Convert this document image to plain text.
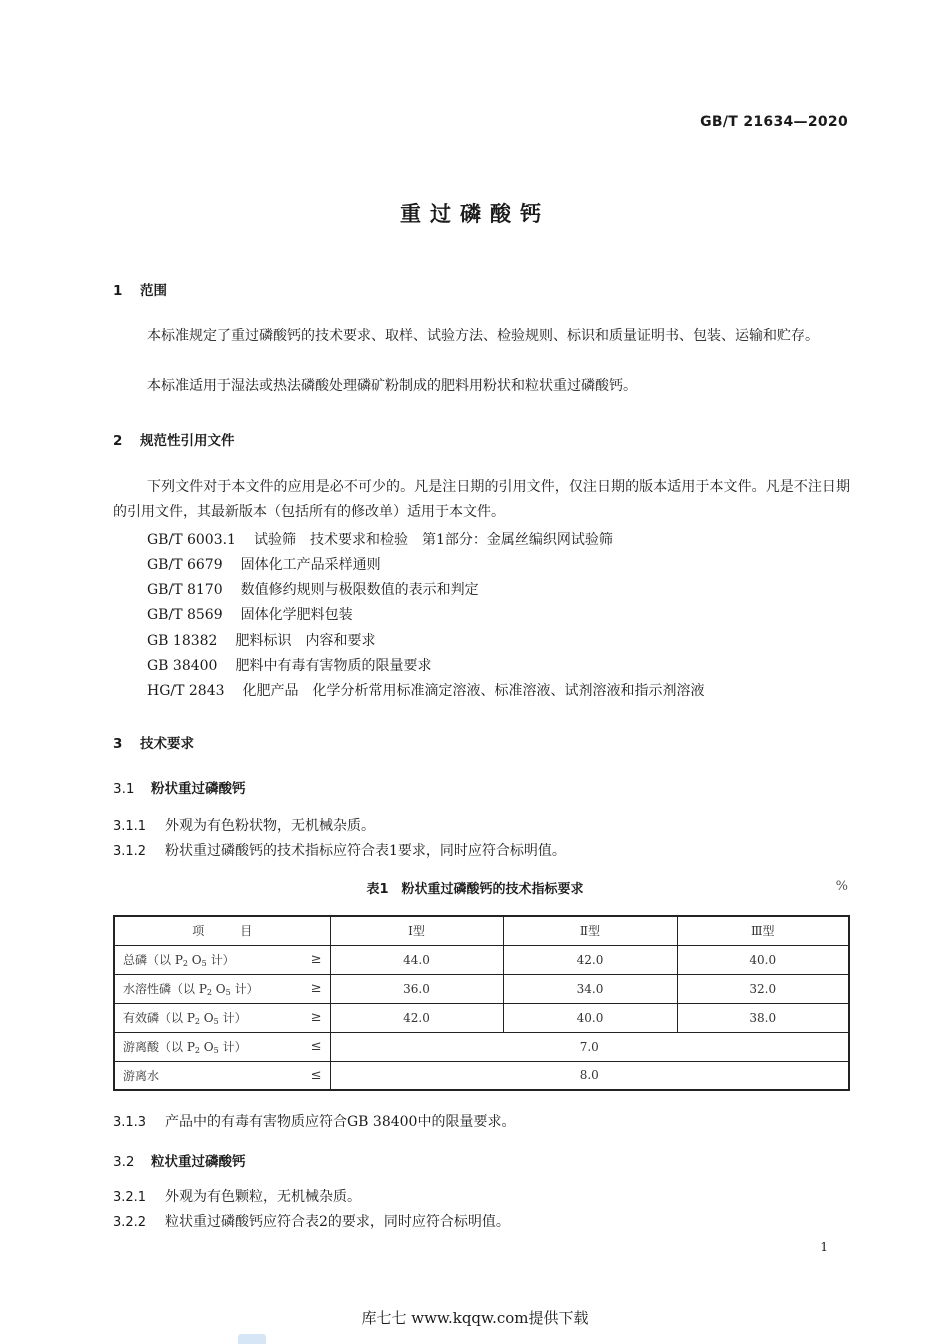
GB/T 21634—2020
重过磷酸钙
1 范围
本标准规定了重过磷酸钙的技术要求、取样、试验方法、检验规则、标识和质量证明书、包装、运输和贮存。
本标准适用于湿法或热法磷酸处理磷矿粉制成的肥料用粉状和粒状重过磷酸钙。
2 规范性引用文件
下列文件对于本文件的应用是必不可少的。凡是注日期的引用文件，仅注日期的版本适用于本文件。凡是不注日期的引用文件，其最新版本（包括所有的修改单）适用于本文件。
GB/T 6003.1 试验筛　技术要求和检验　第1部分：金属丝编织网试验筛
GB/T 6679 固体化工产品采样通则
GB/T 8170 数值修约规则与极限数值的表示和判定
GB/T 8569 固体化学肥料包装
GB 18382 肥料标识　内容和要求
GB 38400 肥料中有毒有害物质的限量要求
HG/T 2843 化肥产品　化学分析常用标准滴定溶液、标准溶液、试剂溶液和指示剂溶液
3 技术要求
3.1 粉状重过磷酸钙
3.1.1 外观为有色粉状物，无机械杂质。
3.1.2 粉状重过磷酸钙的技术指标应符合表1要求，同时应符合标明值。
表1　粉状重过磷酸钙的技术指标要求	%
项　　　目	Ⅰ型	Ⅱ型	Ⅲ型
总磷（以 $P_2$ $O_5$ 计） ≥	44.0	42.0	40.0
水溶性磷（以 $P_2$ $O_5$ 计） ≥	36.0	34.0	32.0
有效磷（以 $P_2$ $O_5$ 计） ≥	42.0	40.0	38.0
游离酸（以 $P_2$ $O_5$ 计） ≤	7.0		
游离水 ≤	8.0		
3.1.3 产品中的有毒有害物质应符合GB 38400中的限量要求。
3.2 粒状重过磷酸钙
3.2.1 外观为有色颗粒，无机械杂质。
3.2.2 粒状重过磷酸钙应符合表2的要求，同时应符合标明值。
1
库七七 www.kqqw.com提供下载
